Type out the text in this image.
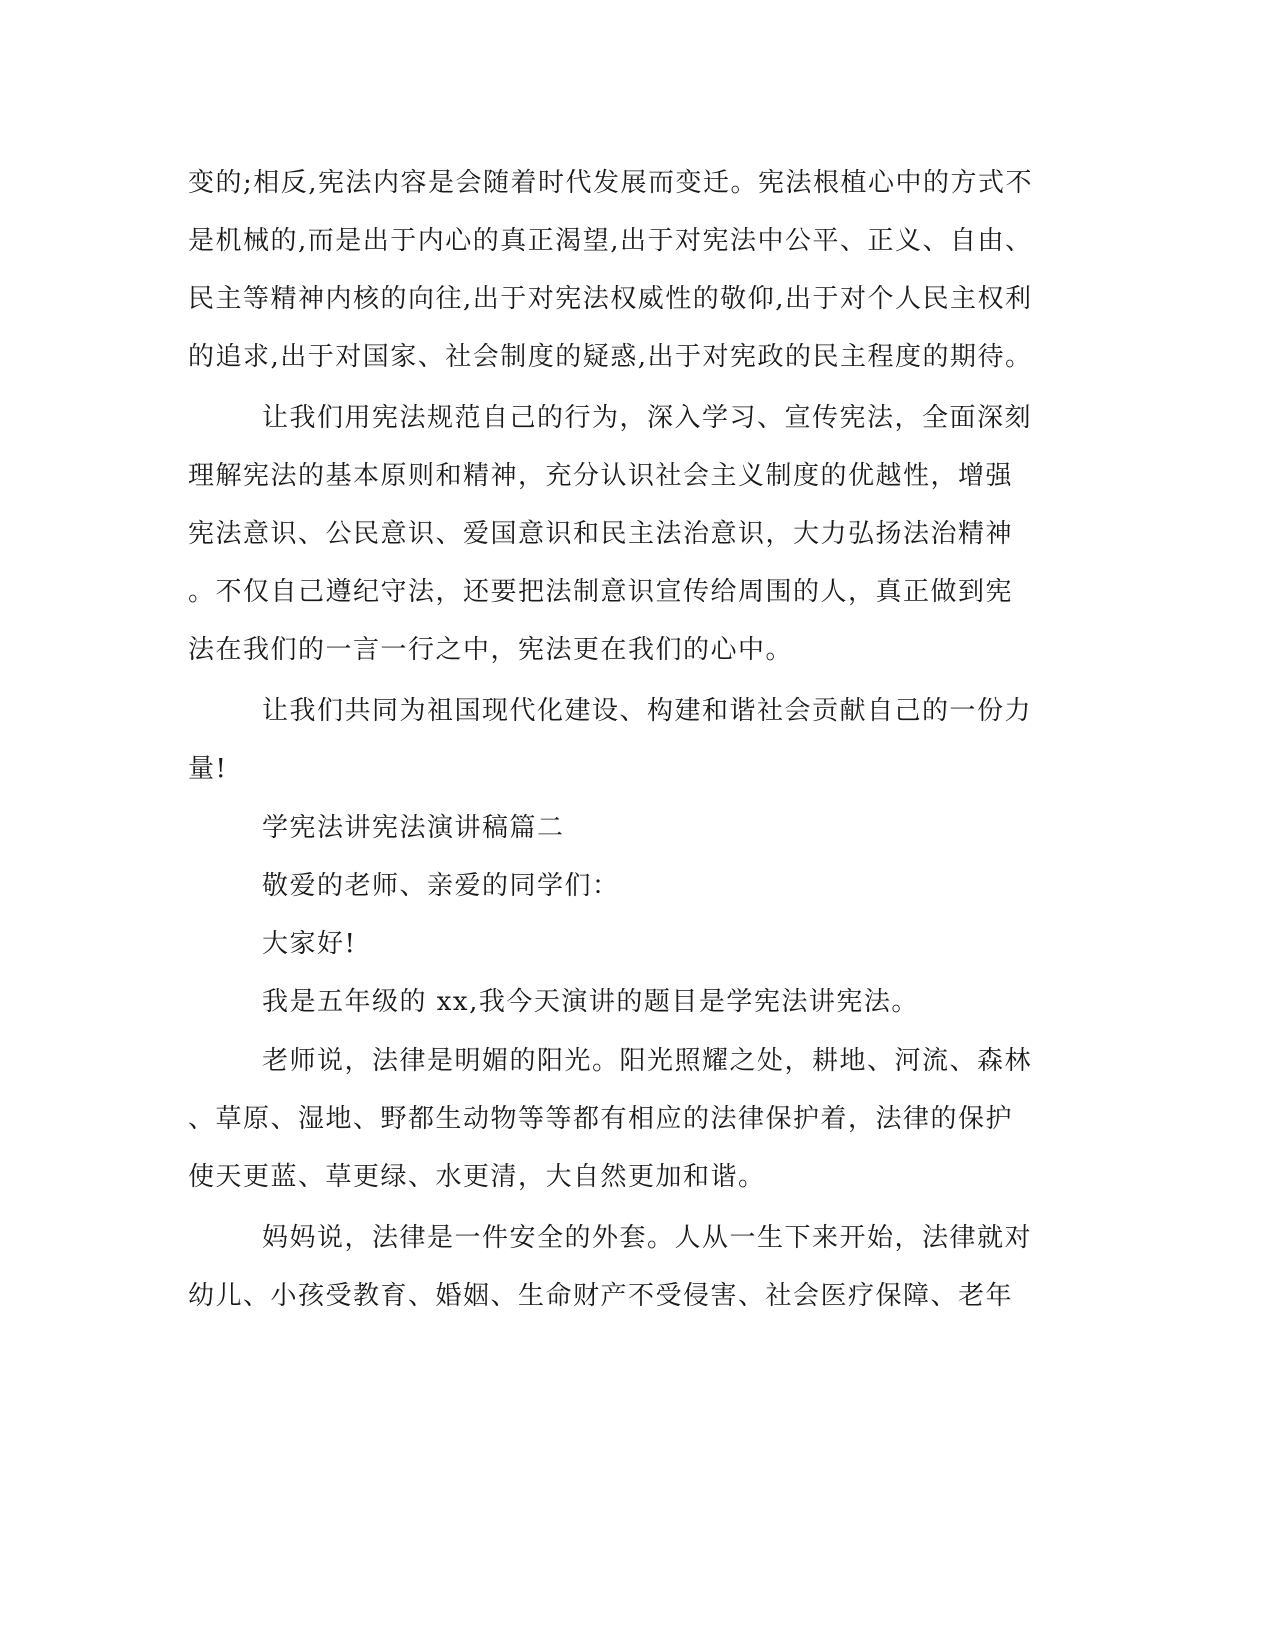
变的;相反,宪法内容是会随着时代发展而变迁。宪法根植心中的方式不
是机械的,而是出于内心的真正渴望,出于对宪法中公平、正义、自由、
民主等精神内核的向往,出于对宪法权威性的敬仰,出于对个人民主权利
的追求,出于对国家、社会制度的疑惑,出于对宪政的民主程度的期待。
让我们用宪法规范自己的行为，深入学习、宣传宪法，全面深刻
理解宪法的基本原则和精神，充分认识社会主义制度的优越性，增强
宪法意识、公民意识、爱国意识和民主法治意识，大力弘扬法治精神
。不仅自己遵纪守法，还要把法制意识宣传给周围的人，真正做到宪
法在我们的一言一行之中，宪法更在我们的心中。
让我们共同为祖国现代化建设、构建和谐社会贡献自己的一份力
量!
学宪法讲宪法演讲稿篇二
敬爱的老师、亲爱的同学们：
大家好!
我是五年级的 xx,我今天演讲的题目是学宪法讲宪法。
老师说，法律是明媚的阳光。阳光照耀之处，耕地、河流、森林
、草原、湿地、野都生动物等等都有相应的法律保护着，法律的保护
使天更蓝、草更绿、水更清，大自然更加和谐。
妈妈说，法律是一件安全的外套。人从一生下来开始，法律就对
幼儿、小孩受教育、婚姻、生命财产不受侵害、社会医疗保障、老年
